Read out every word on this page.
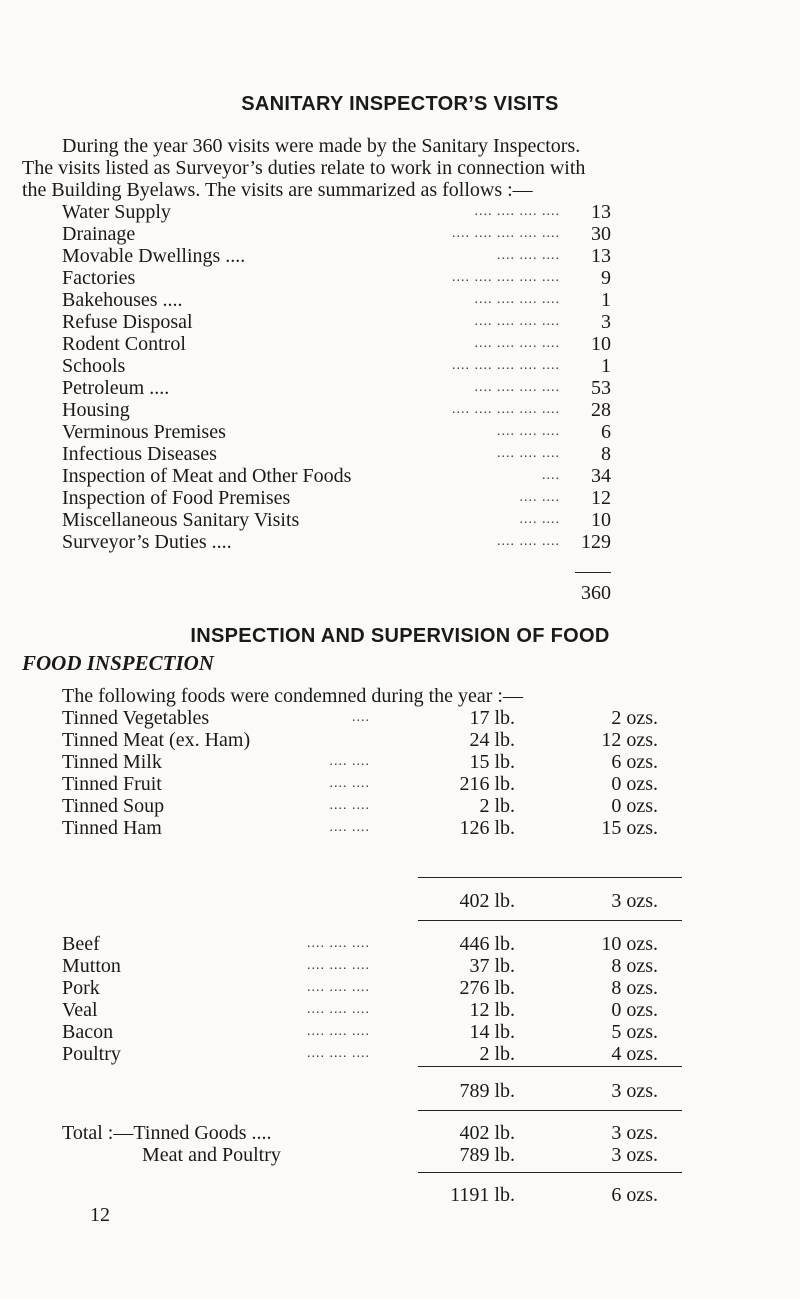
SANITARY INSPECTOR’S VISITS
During the year 360 visits were made by the Sanitary Inspectors.
The visits listed as Surveyor’s duties relate to work in connection with
the Building Byelaws. The visits are summarized as follows :—
Water Supply	.... .... .... ....	13
Drainage	.... .... .... .... ....	30
Movable Dwellings ....	.... .... ....	13
Factories	.... .... .... .... ....	9
Bakehouses ....	.... .... .... ....	1
Refuse Disposal	.... .... .... ....	3
Rodent Control	.... .... .... ....	10
Schools	.... .... .... .... ....	1
Petroleum ....	.... .... .... ....	53
Housing	.... .... .... .... ....	28
Verminous Premises	.... .... ....	6
Infectious Diseases	.... .... ....	8
Inspection of Meat and Other Foods	....	34
Inspection of Food Premises	.... ....	12
Miscellaneous Sanitary Visits	.... ....	10
Surveyor’s Duties ....	.... .... ....	129
360
INSPECTION AND SUPERVISION OF FOOD
FOOD INSPECTION
The following foods were condemned during the year :—
Tinned Vegetables	....	17 lb.	2 ozs.
Tinned Meat (ex. Ham)	24 lb.	12 ozs.
Tinned Milk	.... ....	15 lb.	6 ozs.
Tinned Fruit	.... ....	216 lb.	0 ozs.
Tinned Soup	.... ....	2 lb.	0 ozs.
Tinned Ham	.... ....	126 lb.	15 ozs.
402 lb.	3 ozs.
Beef	.... .... ....	446 lb.	10 ozs.
Mutton	.... .... ....	37 lb.	8 ozs.
Pork	.... .... ....	276 lb.	8 ozs.
Veal	.... .... ....	12 lb.	0 ozs.
Bacon	.... .... ....	14 lb.	5 ozs.
Poultry	.... .... ....	2 lb.	4 ozs.
789 lb.	3 ozs.
Total :—Tinned Goods ....	402 lb.	3 ozs.
Meat and Poultry	789 lb.	3 ozs.
1191 lb.	6 ozs.
12
